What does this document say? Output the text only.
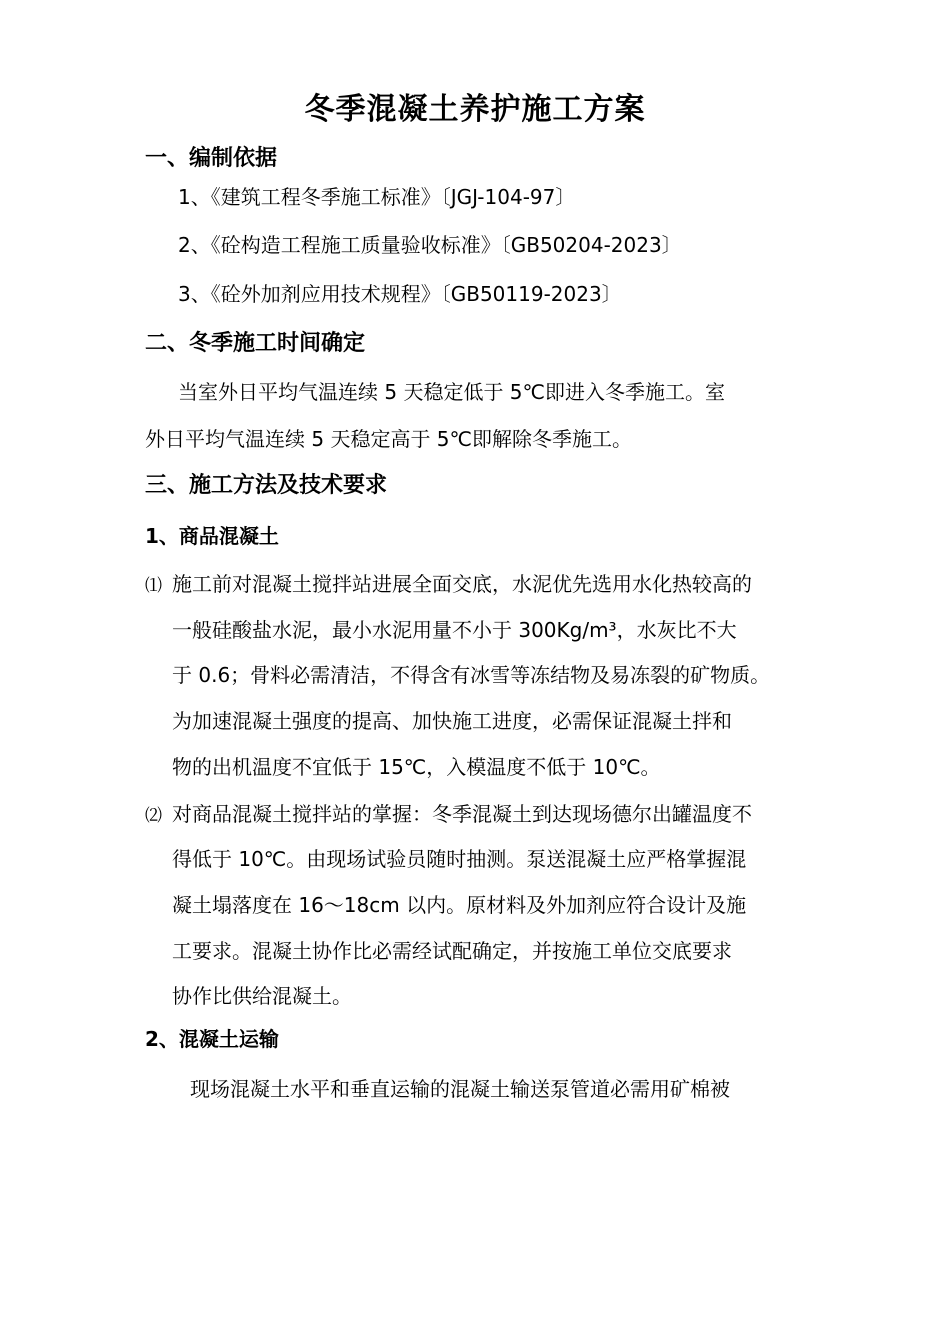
冬季混凝土养护施工方案
一、编制依据
1、《建筑工程冬季施工标准》〔JGJ-104-97〕
2、《砼构造工程施工质量验收标准》〔GB50204-2023〕
3、《砼外加剂应用技术规程》〔GB50119-2023〕
二、冬季施工时间确定
当室外日平均气温连续 5 天稳定低于 5℃即进入冬季施工。室
外日平均气温连续 5 天稳定高于 5℃即解除冬季施工。
三、施工方法及技术要求
1、商品混凝土
⑴ 施工前对混凝土搅拌站进展全面交底，水泥优先选用水化热较高的
一般硅酸盐水泥，最小水泥用量不小于 300Kg/m³，水灰比不大
于 0.6；骨料必需清洁，不得含有冰雪等冻结物及易冻裂的矿物质。
为加速混凝土强度的提高、加快施工进度，必需保证混凝土拌和
物的出机温度不宜低于 15℃，入模温度不低于 10℃。
⑵ 对商品混凝土搅拌站的掌握：冬季混凝土到达现场德尔出罐温度不
得低于 10℃。由现场试验员随时抽测。泵送混凝土应严格掌握混
凝土塌落度在 16～18cm 以内。原材料及外加剂应符合设计及施
工要求。混凝土协作比必需经试配确定，并按施工单位交底要求
协作比供给混凝土。
2、混凝土运输
现场混凝土水平和垂直运输的混凝土输送泵管道必需用矿棉被
